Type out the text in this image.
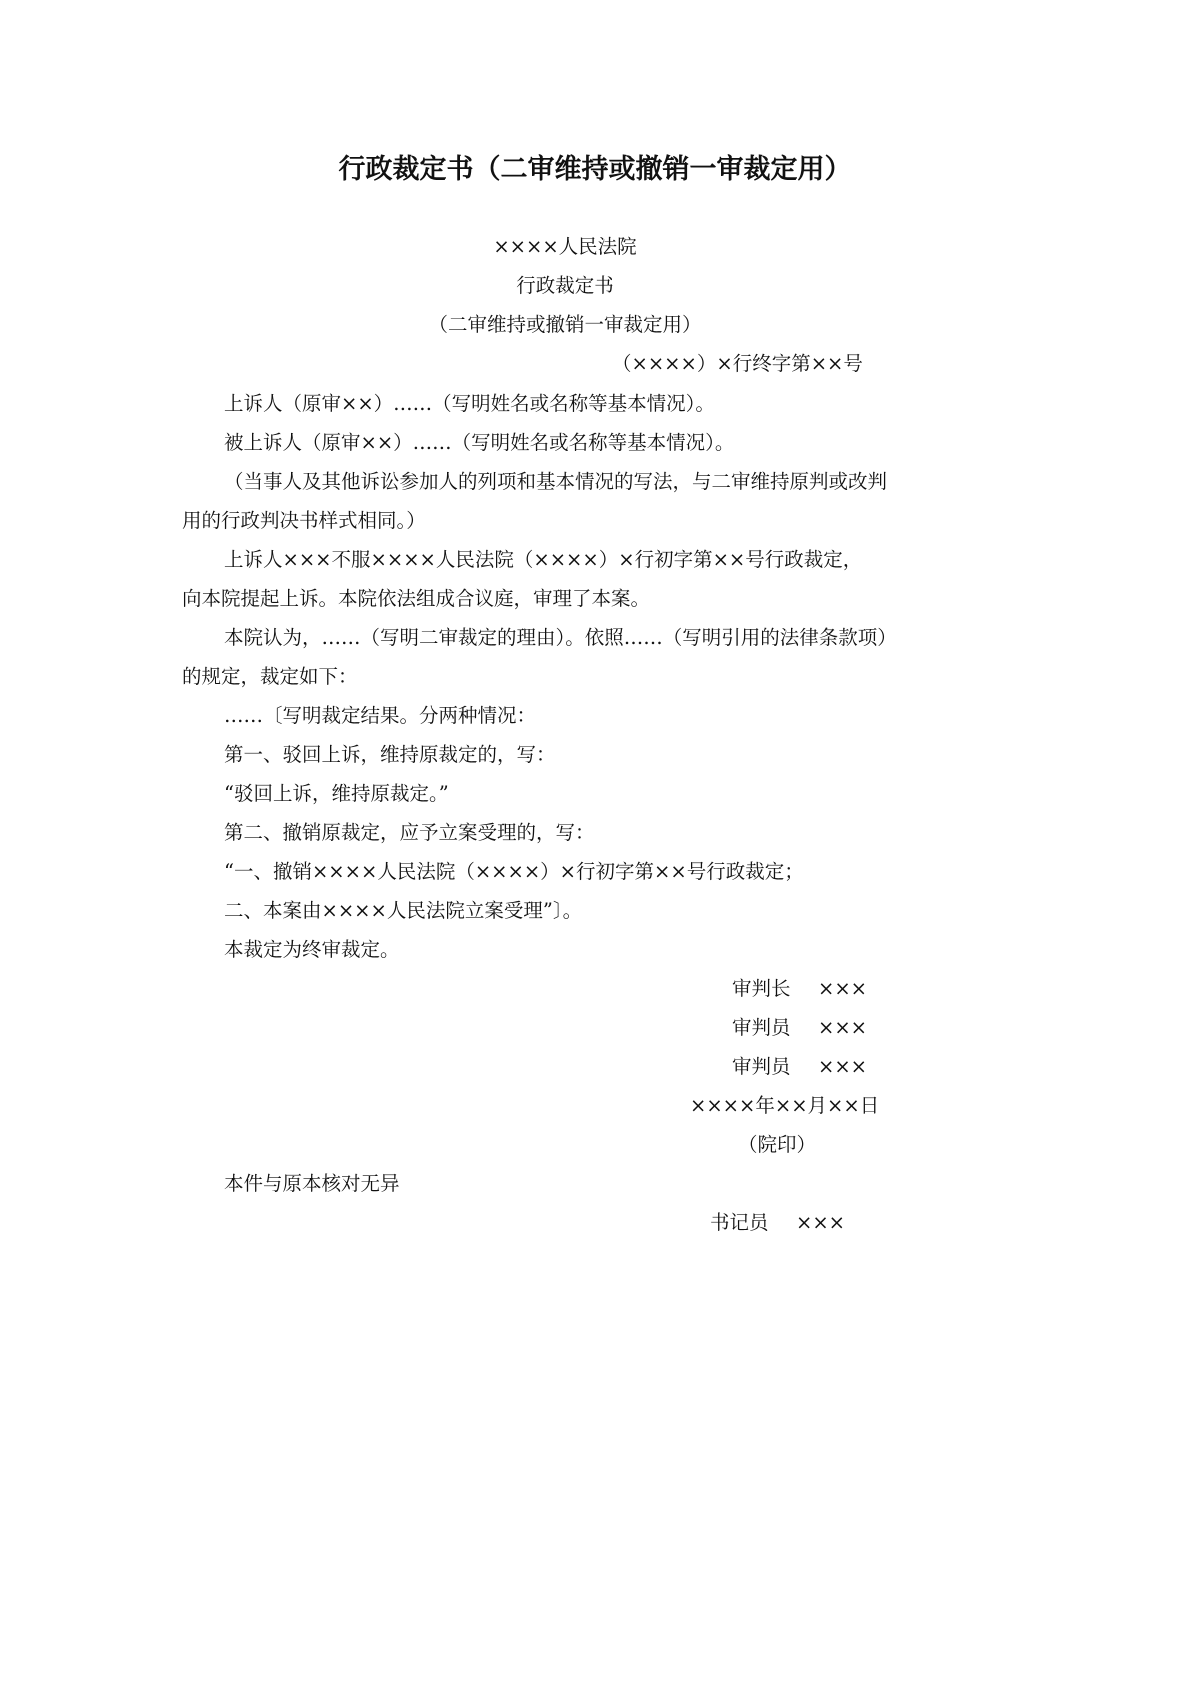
行政裁定书（二审维持或撤销一审裁定用）
××××人民法院
行政裁定书
（二审维持或撤销一审裁定用）
（××××）×行终字第××号
上诉人（原审××）……（写明姓名或名称等基本情况）。
被上诉人（原审××）……（写明姓名或名称等基本情况）。
（当事人及其他诉讼参加人的列项和基本情况的写法，与二审维持原判或改判
用的行政判决书样式相同。）
上诉人×××不服××××人民法院（××××）×行初字第××号行政裁定，
向本院提起上诉。本院依法组成合议庭，审理了本案。
本院认为，……（写明二审裁定的理由）。依照……（写明引用的法律条款项）
的规定，裁定如下：
……〔写明裁定结果。分两种情况：
第一、驳回上诉，维持原裁定的，写：
“驳回上诉，维持原裁定。”
第二、撤销原裁定，应予立案受理的，写：
“一、撤销××××人民法院（××××）×行初字第××号行政裁定；
二、本案由××××人民法院立案受理”〕。
本裁定为终审裁定。
审判长 ×××
审判员 ×××
审判员 ×××
××××年××月××日
（院印）
本件与原本核对无异
书记员 ×××
